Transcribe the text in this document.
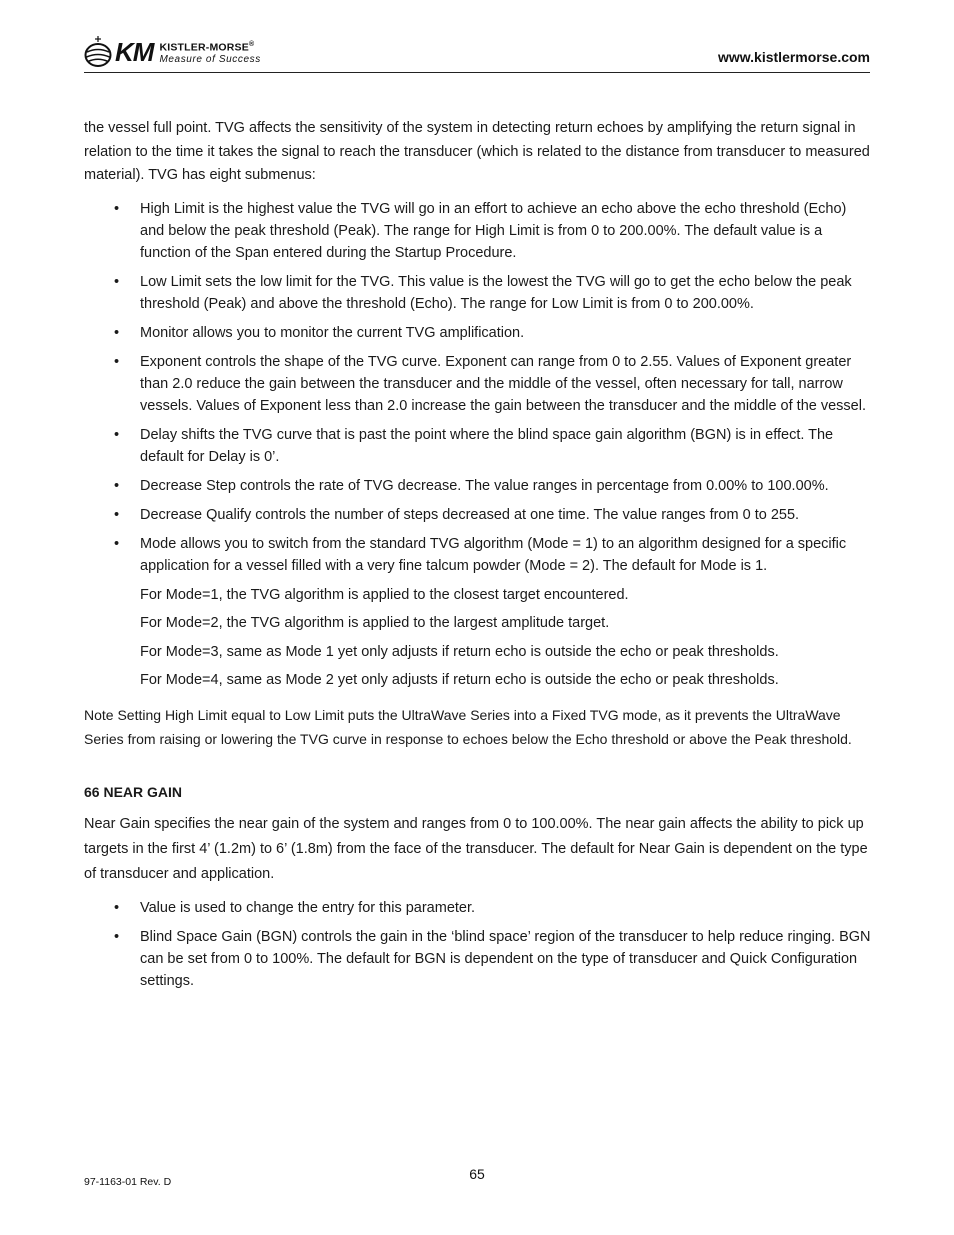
KM KISTLER-MORSE®
Measure of Success	www.kistlermorse.com

the vessel full point. TVG affects the sensitivity of the system in detecting return echoes by amplifying the return signal in relation to the time it takes the signal to reach the transducer (which is related to the distance from transducer to measured material). TVG has eight submenus:

• High Limit is the highest value the TVG will go in an effort to achieve an echo above the echo threshold (Echo) and below the peak threshold (Peak). The range for High Limit is from 0 to 200.00%. The default value is a function of the Span entered during the Startup Procedure.
• Low Limit sets the low limit for the TVG. This value is the lowest the TVG will go to get the echo below the peak threshold (Peak) and above the threshold (Echo). The range for Low Limit is from 0 to 200.00%.
• Monitor allows you to monitor the current TVG amplification.
• Exponent controls the shape of the TVG curve. Exponent can range from 0 to 2.55. Values of Exponent greater than 2.0 reduce the gain between the transducer and the middle of the vessel, often necessary for tall, narrow vessels. Values of Exponent less than 2.0 increase the gain between the transducer and the middle of the vessel.
• Delay shifts the TVG curve that is past the point where the blind space gain algorithm (BGN) is in effect. The default for Delay is 0’.
• Decrease Step controls the rate of TVG decrease. The value ranges in percentage from 0.00% to 100.00%.
• Decrease Qualify controls the number of steps decreased at one time. The value ranges from 0 to 255.
• Mode allows you to switch from the standard TVG algorithm (Mode = 1) to an algorithm designed for a specific application for a vessel filled with a very fine talcum powder (Mode = 2). The default for Mode is 1.

For Mode=1, the TVG algorithm is applied to the closest target encountered.

For Mode=2, the TVG algorithm is applied to the largest amplitude target.

For Mode=3, same as Mode 1 yet only adjusts if return echo is outside the echo or peak thresholds.

For Mode=4, same as Mode 2 yet only adjusts if return echo is outside the echo or peak thresholds.

Note Setting High Limit equal to Low Limit puts the UltraWave Series into a Fixed TVG mode, as it prevents the UltraWave Series from raising or lowering the TVG curve in response to echoes below the Echo threshold or above the Peak threshold.

66 NEAR GAIN

Near Gain specifies the near gain of the system and ranges from 0 to 100.00%. The near gain affects the ability to pick up targets in the first 4’ (1.2m) to 6’ (1.8m) from the face of the transducer. The default for Near Gain is dependent on the type of transducer and application.

• Value is used to change the entry for this parameter.
• Blind Space Gain (BGN) controls the gain in the ‘blind space’ region of the transducer to help reduce ringing. BGN can be set from 0 to 100%. The default for BGN is dependent on the type of transducer and Quick Configuration settings.
65
97-1163-01 Rev. D
